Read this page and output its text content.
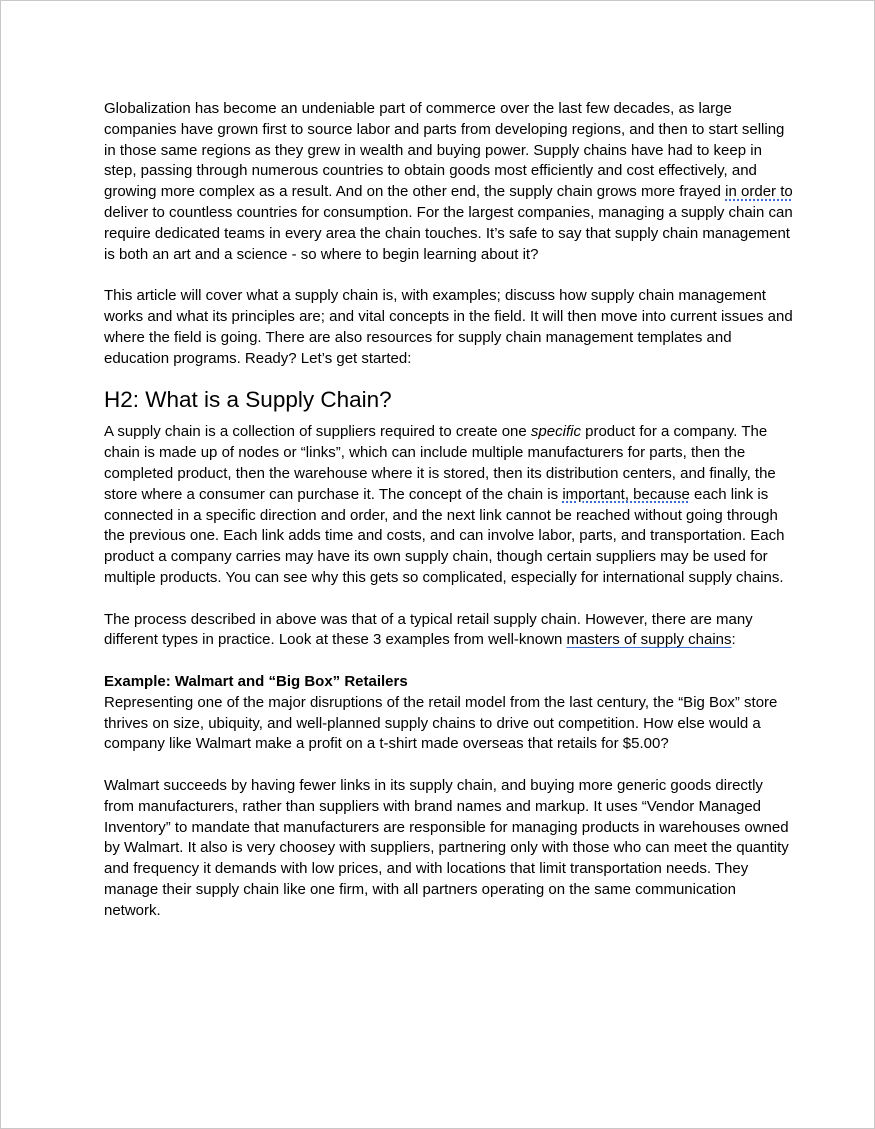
Globalization has become an undeniable part of commerce over the last few decades, as large companies have grown first to source labor and parts from developing regions, and then to start selling in those same regions as they grew in wealth and buying power. Supply chains have had to keep in step, passing through numerous countries to obtain goods most efficiently and cost effectively, and growing more complex as a result. And on the other end, the supply chain grows more frayed in order to deliver to countless countries for consumption. For the largest companies, managing a supply chain can require dedicated teams in every area the chain touches. It’s safe to say that supply chain management is both an art and a science - so where to begin learning about it?

This article will cover what a supply chain is, with examples; discuss how supply chain management works and what its principles are; and vital concepts in the field. It will then move into current issues and where the field is going. There are also resources for supply chain management templates and education programs. Ready? Let’s get started:

H2: What is a Supply Chain?

A supply chain is a collection of suppliers required to create one specific product for a company. The chain is made up of nodes or “links”, which can include multiple manufacturers for parts, then the completed product, then the warehouse where it is stored, then its distribution centers, and finally, the store where a consumer can purchase it. The concept of the chain is important, because each link is connected in a specific direction and order, and the next link cannot be reached without going through the previous one. Each link adds time and costs, and can involve labor, parts, and transportation. Each product a company carries may have its own supply chain, though certain suppliers may be used for multiple products. You can see why this gets so complicated, especially for international supply chains.

The process described in above was that of a typical retail supply chain. However, there are many different types in practice. Look at these 3 examples from well-known masters of supply chains:

Example: Walmart and “Big Box” Retailers

Representing one of the major disruptions of the retail model from the last century, the “Big Box” store thrives on size, ubiquity, and well-planned supply chains to drive out competition. How else would a company like Walmart make a profit on a t-shirt made overseas that retails for $5.00?

Walmart succeeds by having fewer links in its supply chain, and buying more generic goods directly from manufacturers, rather than suppliers with brand names and markup. It uses “Vendor Managed Inventory” to mandate that manufacturers are responsible for managing products in warehouses owned by Walmart. It also is very choosey with suppliers, partnering only with those who can meet the quantity and frequency it demands with low prices, and with locations that limit transportation needs. They manage their supply chain like one firm, with all partners operating on the same communication network.
